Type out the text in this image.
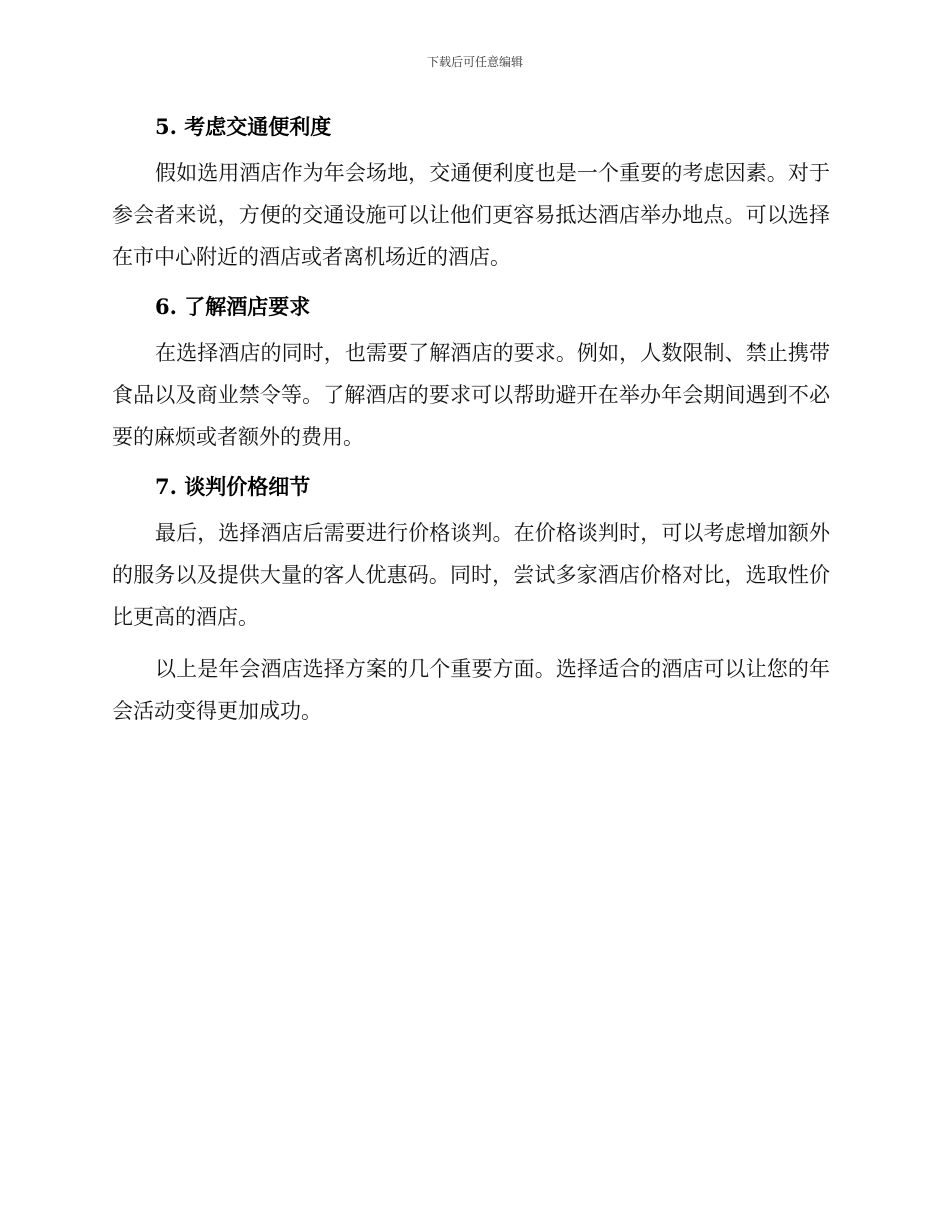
下载后可任意编辑
5. 考虑交通便利度

假如选用酒店作为年会场地，交通便利度也是一个重要的考虑因素。对于参会者来说，方便的交通设施可以让他们更容易抵达酒店举办地点。可以选择在市中心附近的酒店或者离机场近的酒店。

6. 了解酒店要求

在选择酒店的同时，也需要了解酒店的要求。例如，人数限制、禁止携带食品以及商业禁令等。了解酒店的要求可以帮助避开在举办年会期间遇到不必要的麻烦或者额外的费用。

7. 谈判价格细节

最后，选择酒店后需要进行价格谈判。在价格谈判时，可以考虑增加额外的服务以及提供大量的客人优惠码。同时，尝试多家酒店价格对比，选取性价比更高的酒店。

以上是年会酒店选择方案的几个重要方面。选择适合的酒店可以让您的年会活动变得更加成功。
